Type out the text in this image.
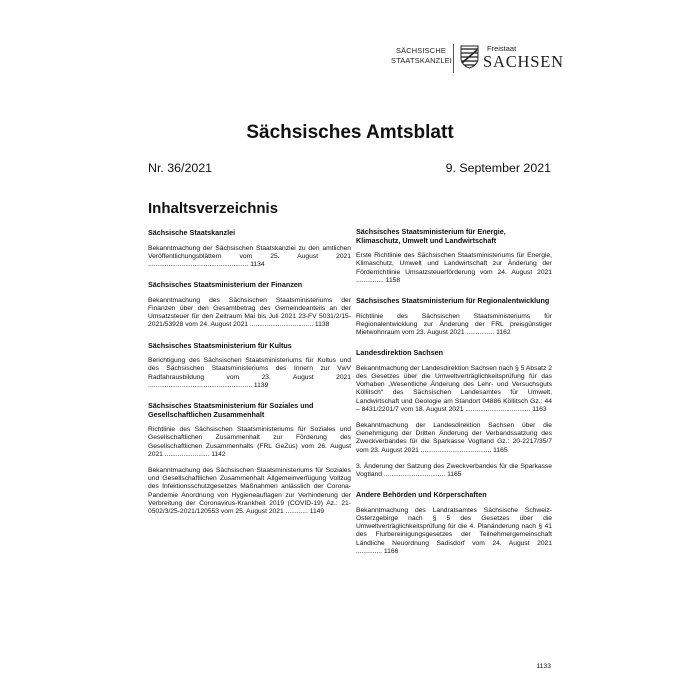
SÄCHSISCHE
STAATSKANZLEI
Freistaat
SACHSEN
Sächsisches Amtsblatt
Nr. 36/2021	9. September 2021
Inhaltsverzeichnis
Sächsische Staatskanzlei
Bekanntmachung der Sächsischen Staatskanzlei zu den amtlichen Veröffentlichungsblättern vom 25. August 2021 ...................................................... 1134
Sächsisches Staatsministerium der Finanzen
Bekanntmachung des Sächsischen Staatsministeriums der Finanzen über den Gesamtbetrag des Gemeindeanteils an der Umsatzsteuer für den Zeitraum Mai bis Juli 2021 23-FV 5031/2/15-2021/53928 vom 24. August 2021 .................................. 1138
Sächsisches Staatsministerium für Kultus
Berichtigung des Sächsischen Staatsministeriums für Kultus und des Sächsischen Staatsministeriums des Innern zur VwV Radfahrausbildung vom 23. August 2021 ........................................................ 1139
Sächsisches Staatsministerium für Soziales und Gesellschaftlichen Zusammenhalt
Richtlinie des Sächsischen Staatsministeriums für Soziales und Gesellschaftlichen Zusammenhalt zur Förderung des Gesellschaftlichen Zusammenhalts (FRL GeZus) vom 26. August 2021 ........................ 1142
Bekanntmachung des Sächsischen Staatsministeriums für Soziales und Gesellschaftlichen Zusammenhalt Allgemeinverfügung Vollzug des Infektionsschutzgesetzes Maßnahmen anlässlich der Corona-Pandemie Anordnung von Hygieneauflagen zur Verhinderung der Verbreitung der Coronavirus-Krankheit 2019 (COVID-19) Az.: 21-0502/3/25-2021/120553 vom 25. August 2021 ............ 1149
Sächsisches Staatsministerium für Energie, Klimaschutz, Umwelt und Landwirtschaft
Erste Richtlinie des Sächsischen Staatsministeriums für Energie, Klimaschutz, Umwelt und Landwirtschaft zur Änderung der Förderrichtlinie Umsatzsteuerförderung vom 24. August 2021 ............... 1158
Sächsisches Staatsministerium für Regionalentwicklung
Richtlinie des Sächsischen Staatsministeriums für Regionalentwicklung zur Änderung der FRL preisgünstiger Mietwohnraum vom 23. August 2021 ............... 1162
Landesdirektion Sachsen
Bekanntmachung der Landesdirektion Sachsen nach § 5 Absatz 2 des Gesetzes über die Umweltverträglichkeitsprüfung für das Vorhaben „Wesentliche Änderung des Lehr- und Versuchsguts Köllitsch“ des Sächsischen Landesamtes für Umwelt, Landwirtschaft und Geologie am Standort 04886 Köllitsch Gz.: 44 – 8431/2201/7 vom 18. August 2021 ................................... 1163
Bekanntmachung der Landesdirektion Sachsen über die Genehmigung der Dritten Änderung der Verbandssatzung des Zweckverbandes für die Sparkasse Vogtland Gz.: 20-2217/35/7 vom 23. August 2021 ...................................... 1165
3. Änderung der Satzung des Zweckverbandes für die Sparkasse Vogtland ................................. 1165
Andere Behörden und Körperschaften
Bekanntmachung des Landratsamtes Sächsische Schweiz-Osterzgebirge nach § 5 des Gesetzes über die Umweltverträglichkeitsprüfung für die 4. Planänderung nach § 41 des Flurbereinigungsgesetzes der Teilnehmergemeinschaft Ländliche Neuordnung Sadisdorf vom 24. August 2021 .............. 1166
1133
